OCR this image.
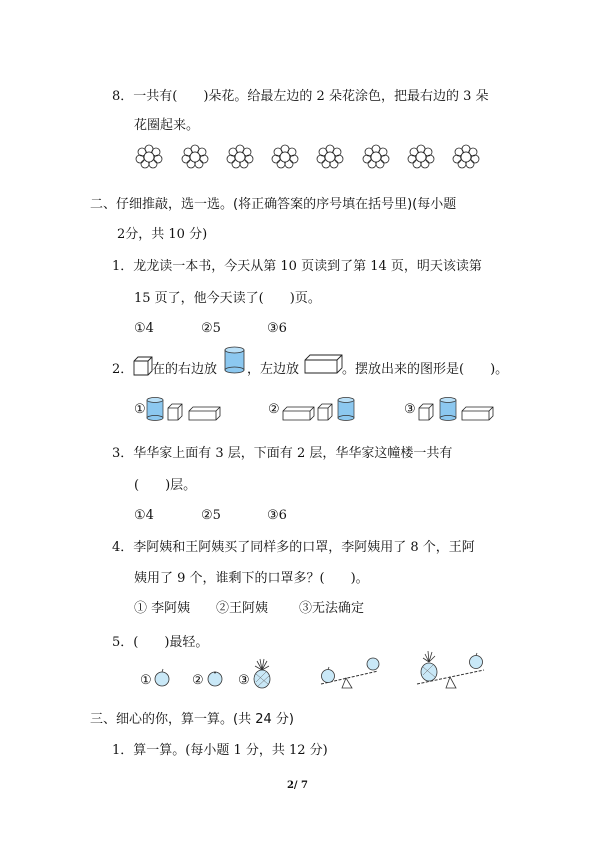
8．一共有(　　)朵花。给最左边的 2 朵花涂色，把最右边的 3 朵
花圈起来。
二、仔细推敲，选一选。(将正确答案的序号填在括号里)(每小题
2分，共 10 分)
1．龙龙读一本书，今天从第 10 页读到了第 14 页，明天该读第
15 页了，他今天读了(　　)页。
①4	②5	③6
2． 在的右边放 ，左边放	。摆放出来的图形是(　　)。
①	②	③
3．华华家上面有 3 层，下面有 2 层，华华家这幢楼一共有
(　　)层。
①4	②5	③6
4．李阿姨和王阿姨买了同样多的口罩，李阿姨用了 8 个，王阿
姨用了 9 个，谁剩下的口罩多？(　　)。
① 李阿姨 ②王阿姨 ③无法确定
5．(　　)最轻。
①	②	③
三、细心的你，算一算。(共 24 分)
1．算一算。(每小题 1 分，共 12 分)
2/ 7
